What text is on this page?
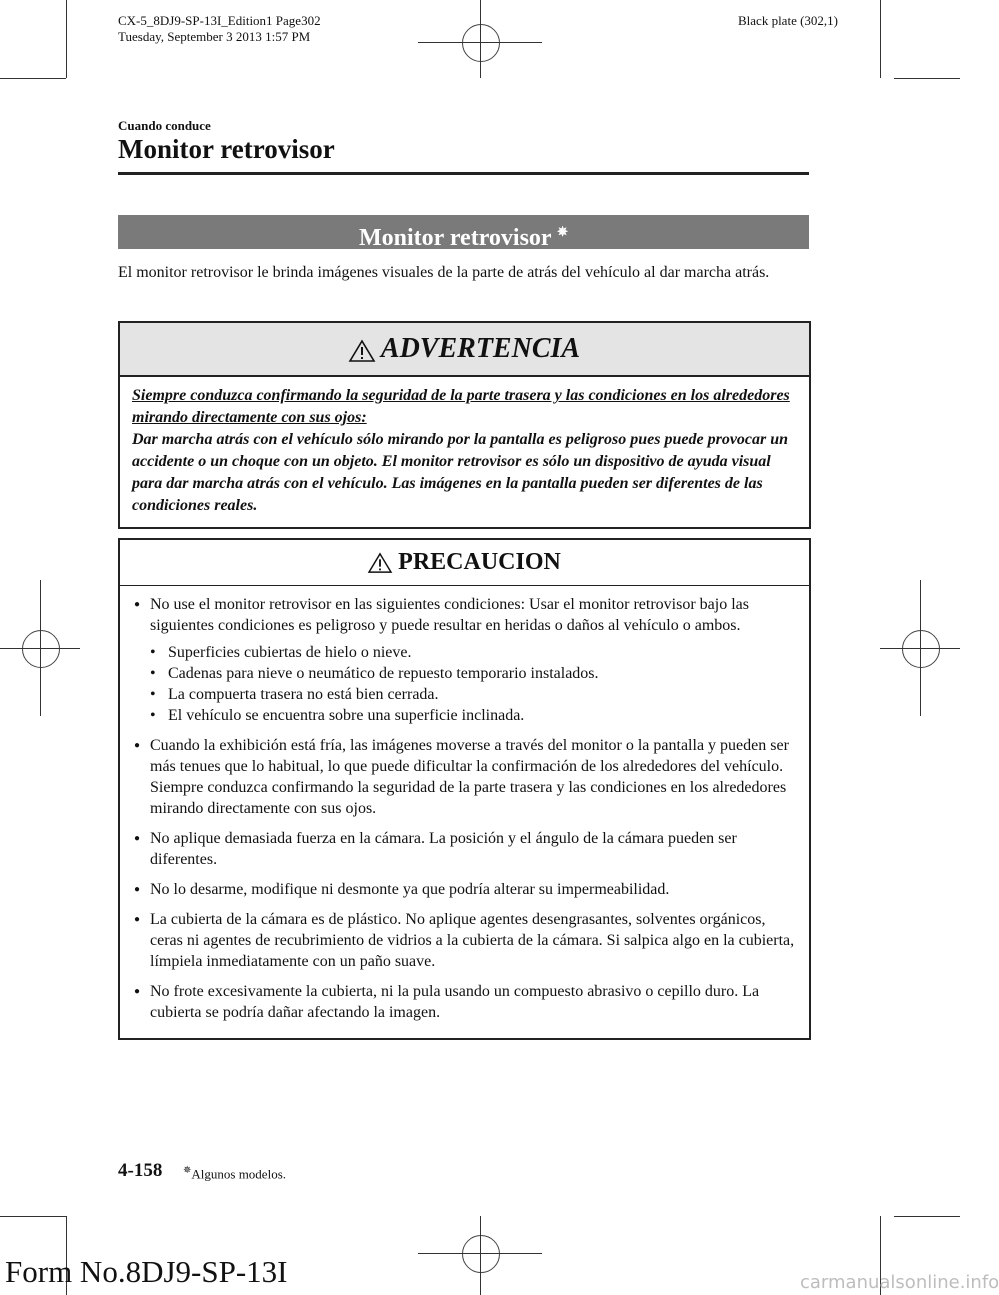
CX-5_8DJ9-SP-13I_Edition1 Page302
Tuesday, September 3 2013 1:57 PM
Black plate (302,1)
Cuando conduce
Monitor retrovisor
Monitor retrovisor ✵
El monitor retrovisor le brinda imágenes visuales de la parte de atrás del vehículo al dar marcha atrás.
ADVERTENCIA
Siempre conduzca confirmando la seguridad de la parte trasera y las condiciones en los alrededores mirando directamente con sus ojos:
Dar marcha atrás con el vehículo sólo mirando por la pantalla es peligroso pues puede provocar un accidente o un choque con un objeto. El monitor retrovisor es sólo un dispositivo de ayuda visual para dar marcha atrás con el vehículo. Las imágenes en la pantalla pueden ser diferentes de las condiciones reales.
PRECAUCION
● No use el monitor retrovisor en las siguientes condiciones: Usar el monitor retrovisor bajo las siguientes condiciones es peligroso y puede resultar en heridas o daños al vehículo o ambos.
• Superficies cubiertas de hielo o nieve.
• Cadenas para nieve o neumático de repuesto temporario instalados.
• La compuerta trasera no está bien cerrada.
• El vehículo se encuentra sobre una superficie inclinada.
● Cuando la exhibición está fría, las imágenes moverse a través del monitor o la pantalla y pueden ser más tenues que lo habitual, lo que puede dificultar la confirmación de los alrededores del vehículo. Siempre conduzca confirmando la seguridad de la parte trasera y las condiciones en los alrededores mirando directamente con sus ojos.
● No aplique demasiada fuerza en la cámara. La posición y el ángulo de la cámara pueden ser diferentes.
● No lo desarme, modifique ni desmonte ya que podría alterar su impermeabilidad.
● La cubierta de la cámara es de plástico. No aplique agentes desengrasantes, solventes orgánicos, ceras ni agentes de recubrimiento de vidrios a la cubierta de la cámara. Si salpica algo en la cubierta, límpiela inmediatamente con un paño suave.
● No frote excesivamente la cubierta, ni la pula usando un compuesto abrasivo o cepillo duro. La cubierta se podría dañar afectando la imagen.
4-158 ✵Algunos modelos.
Form No.8DJ9-SP-13I	carmanualsonline.info
